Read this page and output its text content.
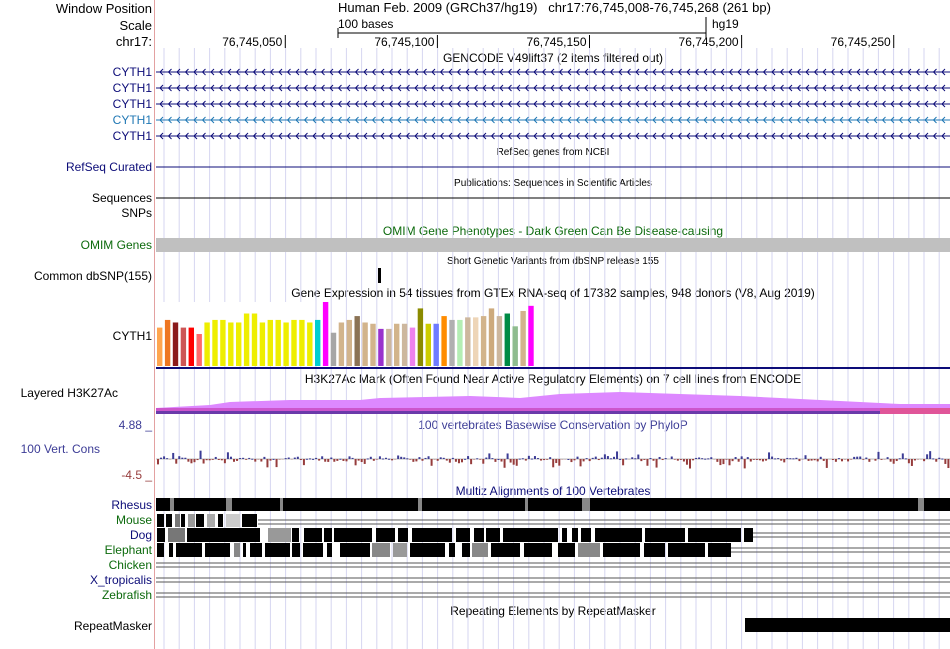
Window Position
Scale
chr17:
Human Feb. 2009 (GRCh37/hg19) chr17:76,745,008-76,745,268 (261 bp)
100 bases	hg19
CYTH1
CYTH1
CYTH1
CYTH1
CYTH1
RefSeq Curated
Sequences
SNPs
OMIM Genes
Common dbSNP(155)
CYTH1
Layered H3K27Ac
4.88 _
100 Vert. Cons
-4.5 _
Rhesus
Mouse
Dog
Elephant
Chicken
X_tropicalis
Zebrafish
RepeatMasker
GENCODE V49lift37 (2 items filtered out)
RefSeq genes from NCBI
Publications: Sequences in Scientific Articles
OMIM Gene Phenotypes - Dark Green Can Be Disease-causing
Short Genetic Variants from dbSNP release 155
Gene Expression in 54 tissues from GTEx RNA-seq of 17382 samples, 948 donors (V8, Aug 2019)
H3K27Ac Mark (Often Found Near Active Regulatory Elements) on 7 cell lines from ENCODE
100 vertebrates Basewise Conservation by PhyloP
Multiz Alignments of 100 Vertebrates
Repeating Elements by RepeatMasker
76,745,050	76,745,100	76,745,150	76,745,200	76,745,250
